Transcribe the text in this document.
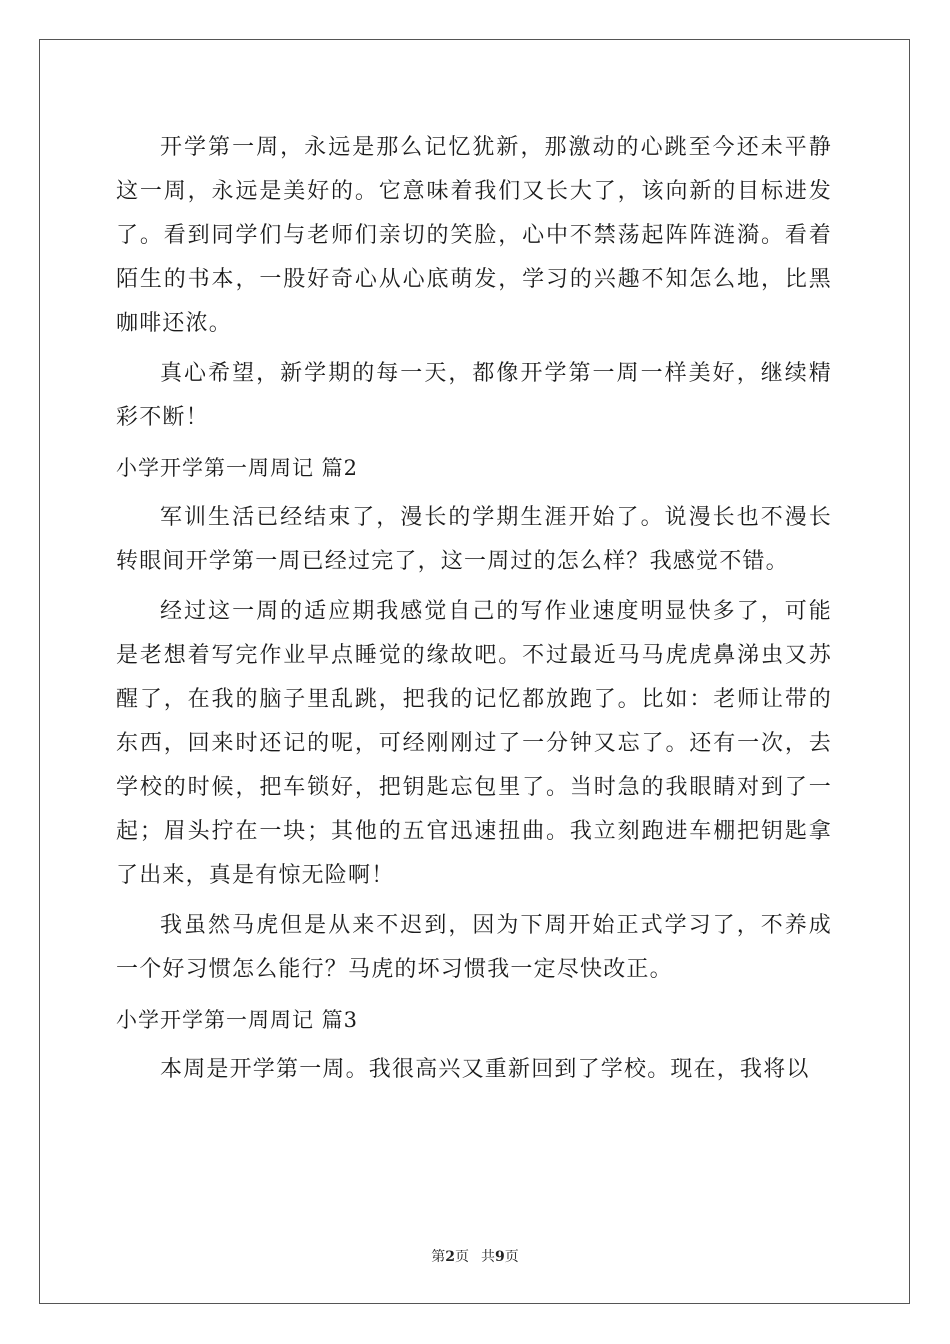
开学第一周，永远是那么记忆犹新，那激动的心跳至今还未平静这一周，永远是美好的。它意味着我们又长大了，该向新的目标进发了。看到同学们与老师们亲切的笑脸，心中不禁荡起阵阵涟漪。看着陌生的书本，一股好奇心从心底萌发，学习的兴趣不知怎么地，比黑咖啡还浓。

真心希望，新学期的每一天，都像开学第一周一样美好，继续精彩不断！

小学开学第一周周记 篇2

军训生活已经结束了，漫长的学期生涯开始了。说漫长也不漫长转眼间开学第一周已经过完了，这一周过的怎么样？我感觉不错。

经过这一周的适应期我感觉自己的写作业速度明显快多了，可能是老想着写完作业早点睡觉的缘故吧。不过最近马马虎虎鼻涕虫又苏醒了，在我的脑子里乱跳，把我的记忆都放跑了。比如：老师让带的东西，回来时还记的呢，可经刚刚过了一分钟又忘了。还有一次，去学校的时候，把车锁好，把钥匙忘包里了。当时急的我眼睛对到了一起；眉头拧在一块；其他的五官迅速扭曲。我立刻跑进车棚把钥匙拿了出来，真是有惊无险啊！

我虽然马虎但是从来不迟到，因为下周开始正式学习了，不养成一个好习惯怎么能行？马虎的坏习惯我一定尽快改正。

小学开学第一周周记 篇3

本周是开学第一周。我很高兴又重新回到了学校。现在，我将以

第2页 共9页
